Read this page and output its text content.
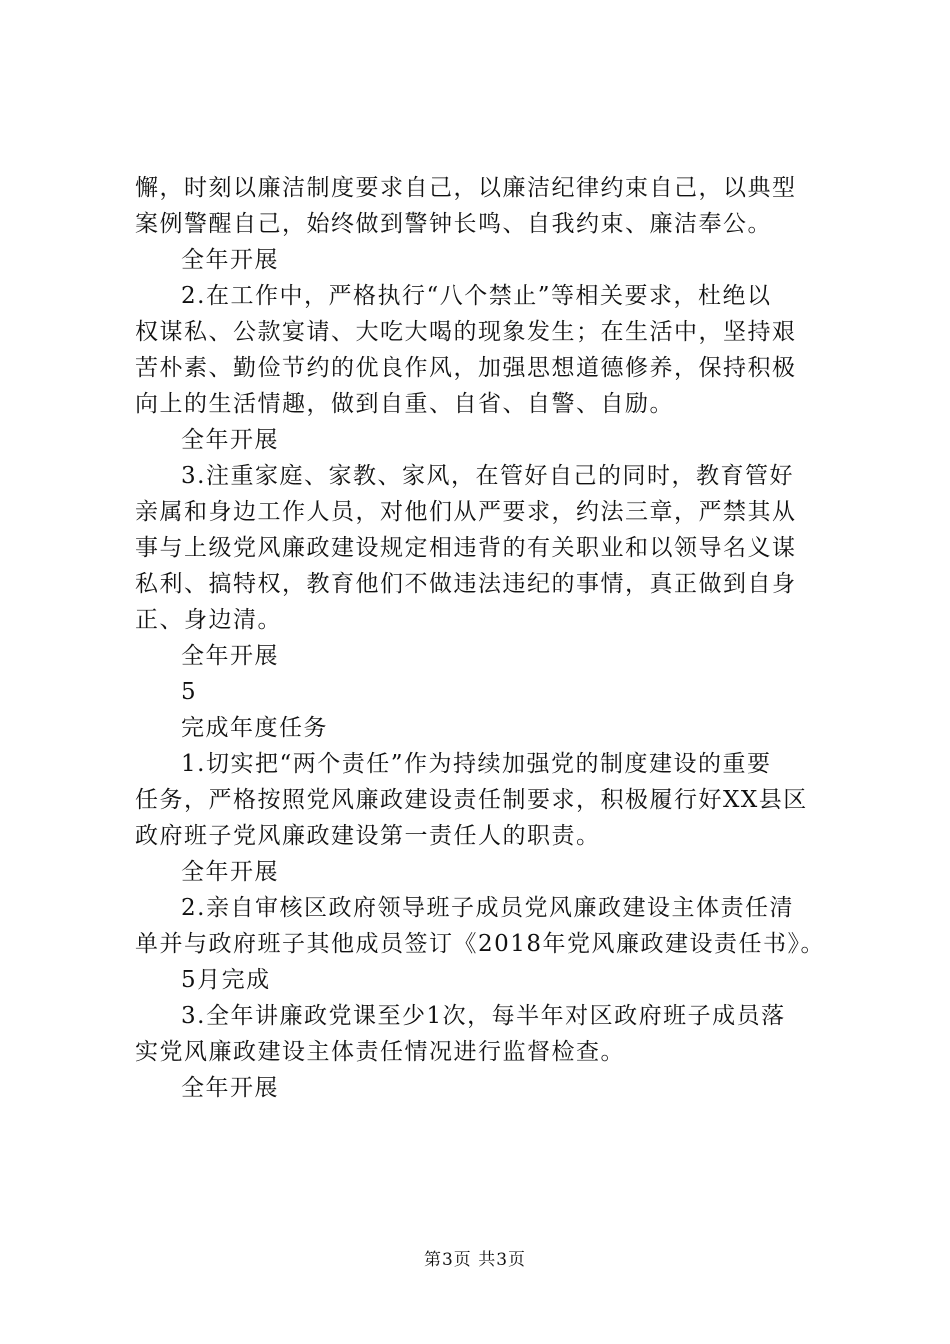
懈，时刻以廉洁制度要求自己，以廉洁纪律约束自己，以典型
案例警醒自己，始终做到警钟长鸣、自我约束、廉洁奉公。
全年开展
2.在工作中，严格执行“八个禁止”等相关要求，杜绝以
权谋私、公款宴请、大吃大喝的现象发生；在生活中，坚持艰
苦朴素、勤俭节约的优良作风，加强思想道德修养，保持积极
向上的生活情趣，做到自重、自省、自警、自励。
全年开展
3.注重家庭、家教、家风，在管好自己的同时，教育管好
亲属和身边工作人员，对他们从严要求，约法三章，严禁其从
事与上级党风廉政建设规定相违背的有关职业和以领导名义谋
私利、搞特权，教育他们不做违法违纪的事情，真正做到自身
正、身边清。
全年开展
5
完成年度任务
1.切实把“两个责任”作为持续加强党的制度建设的重要
任务，严格按照党风廉政建设责任制要求，积极履行好XX县区
政府班子党风廉政建设第一责任人的职责。
全年开展
2.亲自审核区政府领导班子成员党风廉政建设主体责任清
单并与政府班子其他成员签订《2018年党风廉政建设责任书》。
5月完成
3.全年讲廉政党课至少1次，每半年对区政府班子成员落
实党风廉政建设主体责任情况进行监督检查。
全年开展
第3页 共3页
